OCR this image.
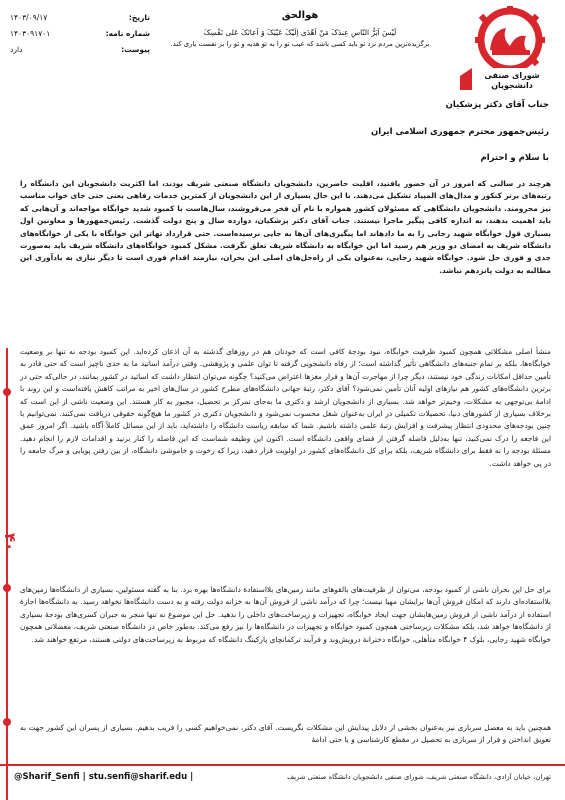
۴۰
شورای صنفی
دانشجویان
هوالحق
لَیْسَ اَبَرُّ النّاسِ عِندَکَ مَنْ اَهْدَی اِلَیْکَ عَیْبَکَ وَ اَعانَکَ عَلی نَفْسِکَ
برگزیده‌ترین مردم نزد تو باید کسی باشد که عیب تو را به تو هدیه و تو را بر نفست یاری کند.
تاریخ:
۱۴۰۳/۰۹/۱۷
شماره نامه:
۱۴۰۳۰۹۱۷۰۱
پیوست:
دارد
جناب آقای دکتر پزشکیان
رئیس‌جمهور محترم جمهوری اسلامی ایران
با سلام و احترام

هرچند در سالنی که امروز در آن حضور یافتید، اقلیت حاضرین، دانشجویان دانشگاه صنعتی شریف بودند، اما اکثریت دانشجویان این دانشگاه را رتبه‌های برتر کنکور و مدال‌های المپیاد تشکیل می‌دهند. با این حال بسیاری از این دانشجویان از کمترین خدمات رفاهی یعنی حتی جای خواب مناسب نیز محرومند. دانشجویان دانشگاهی که مسئولان کشور همواره با نام آن فخر می‌فروشند، سال‌هاست با کمبود شدید خوابگاه مواجه‌اند و آن‌هایی که باید اهمیت بدهند، به اندازه کافی پیگیر ماجرا نیستند. جناب آقای دکتر پزشکیان، دوازده سال و پنج دولت گذشت. رئیس‌جمهورها و معاونین اول بسیاری قول خوابگاه شهید رجایی را به ما دادهاند اما پیگیری‌های آن‌ها به جایی نرسیده‌است. حتی قرارداد تهاتر این خوابگاه با یکی از خوابگاه‌های دانشگاه شریف به امضای دو وزیر هم رسید اما این خوابگاه به دانشگاه شریف تعلق نگرفت. مشکل کمبود خوابگاه‌های دانشگاه شریف باید به‌صورت جدی و فوری حل شود. خوابگاه شهید رجایی، به‌عنوان یکی از راه‌حل‌های اصلی این بحران، نیازمند اقدام فوری است تا دیگر نیازی به یادآوری این مطالبه به دولت پانزدهم نباشد.

منشأ اصلی مشکلاتی همچون کمبود ظرفیت خوابگاه، نبود بودجهٔ کافی است که خودتان هم در روزهای گذشته به آن اذعان کرده‌اید. این کمبود بودجه نه تنها بر وضعیت خوابگاه‌ها، بلکه بر تمام جنبه‌های دانشگاهی تأثیر گذاشته است؛ از رفاه دانشجویی گرفته تا توان علمی و پژوهشی. وقتی درآمد اساتید ما به حدی ناچیز است که حتی قادر به تأمین حداقل امکانات زندگی خود نیستند، دیگر چرا از مهاجرت آن‌ها و فرار مغزها اعتراض می‌کنید؟ چگونه می‌توان انتظار داشت که اساتید در کشور بمانند، در حالی‌که حتی در برترین دانشگاه‌های کشور هم نیازهای اولیه آنان تأمین نمی‌شود؟ آقای دکتر، رتبهٔ جهانی دانشگاه‌های مطرح کشور در سال‌های اخیر به مراتب کاهش یافته‌است و این روند با ادامهٔ بی‌توجهی به مشکلات، وخیم‌تر خواهد شد. بسیاری از دانشجویان ارشد و دکتری ما به‌جای تمرکز بر تحصیل، مجبور به کار هستند. این وضعیت ناشی از این است که برخلاف بسیاری از کشورهای دنیا، تحصیلات تکمیلی در ایران به‌عنوان شغل محسوب نمی‌شود و دانشجویان دکتری در کشور ما هیچ‌گونه حقوقی دریافت نمی‌کنند. نمی‌توانیم با چنین بودجه‌های محدودی انتظار پیشرفت و افزایش رتبهٔ علمی داشته باشیم. شما که سابقه ریاست دانشگاه را داشته‌اید، باید از این مسائل کاملاً آگاه باشید. اگر امروز عمق این فاجعه را درک نمی‌کنید، تنها به‌دلیل فاصله گرفتن از فضای واقعی دانشگاه است. اکنون این وظیفه شماست که این فاصله را کنار بزنید و اقدامات لازم را انجام دهید. مسئلهٔ بودجه را نه فقط برای دانشگاه شریف، بلکه برای کل دانشگاه‌های کشور در اولویت قرار دهید، زیرا که رخوت و خاموشی دانشگاه، از بین رفتن پویایی و مرگ جامعه را در پی خواهد داشت.

برای حل این بحران ناشی از کمبود بودجه، می‌توان از ظرفیت‌های بالقوهای مانند زمین‌های بلااستفادهٔ دانشگاه‌ها بهره برد. بنا به گفته مسئولین، بسیاری از دانشگاه‌ها زمین‌های بلااستفاده‌ای دارند که امکان فروش آن‌ها برایشان مهیا نیست؛ چرا که درآمد ناشی از فروش آن‌ها به خزانه دولت رفته و به دست دانشگاه‌ها نخواهد رسید. به دانشگاه‌ها اجازهٔ استفاده از درآمد ناشی از فروش زمین‌هایشان جهت ایجاد خوابگاه، تجهیزات و زیرساخت‌های داخلی را بدهید. حل این موضوع نه تنها منجر به جبران کسری‌های بودجهٔ بسیاری از دانشگاه‌ها خواهد شد، بلکه مشکلات زیرساختی همچون کمبود خوابگاه و تجهیزات در دانشگاه‌ها را نیز رفع می‌کند. به‌طور خاص در دانشگاه صنعتی شریف، معضلاتی همچون خوابگاه شهید رجایی، بلوک ۴ خوابگاه متأهلی، خوابگاه دخترانهٔ درویش‌وند و فرآیند ترکمانچای پارکینگ دانشگاه که مربوط به زیرساخت‌های دولتی هستند، مرتفع خواهند شد.

همچنین باید به معضل سربازی نیز به‌عنوان بخشی از دلایل پیدایش این مشکلات نگریست. آقای دکتر، نمی‌خواهیم کسی را فریب بدهیم. بسیاری از پسران این کشور جهت به تعویق انداختن و فرار از سربازی به تحصیل در مقطع کارشناسی و یا حتی ادامهٔ

@Sharif_Senfi | stu.senfi@sharif.edu |	تهران، خیابان آزادی، دانشگاه صنعتی شریف، شورای صنفی دانشجویان دانشگاه صنعتی شریف
